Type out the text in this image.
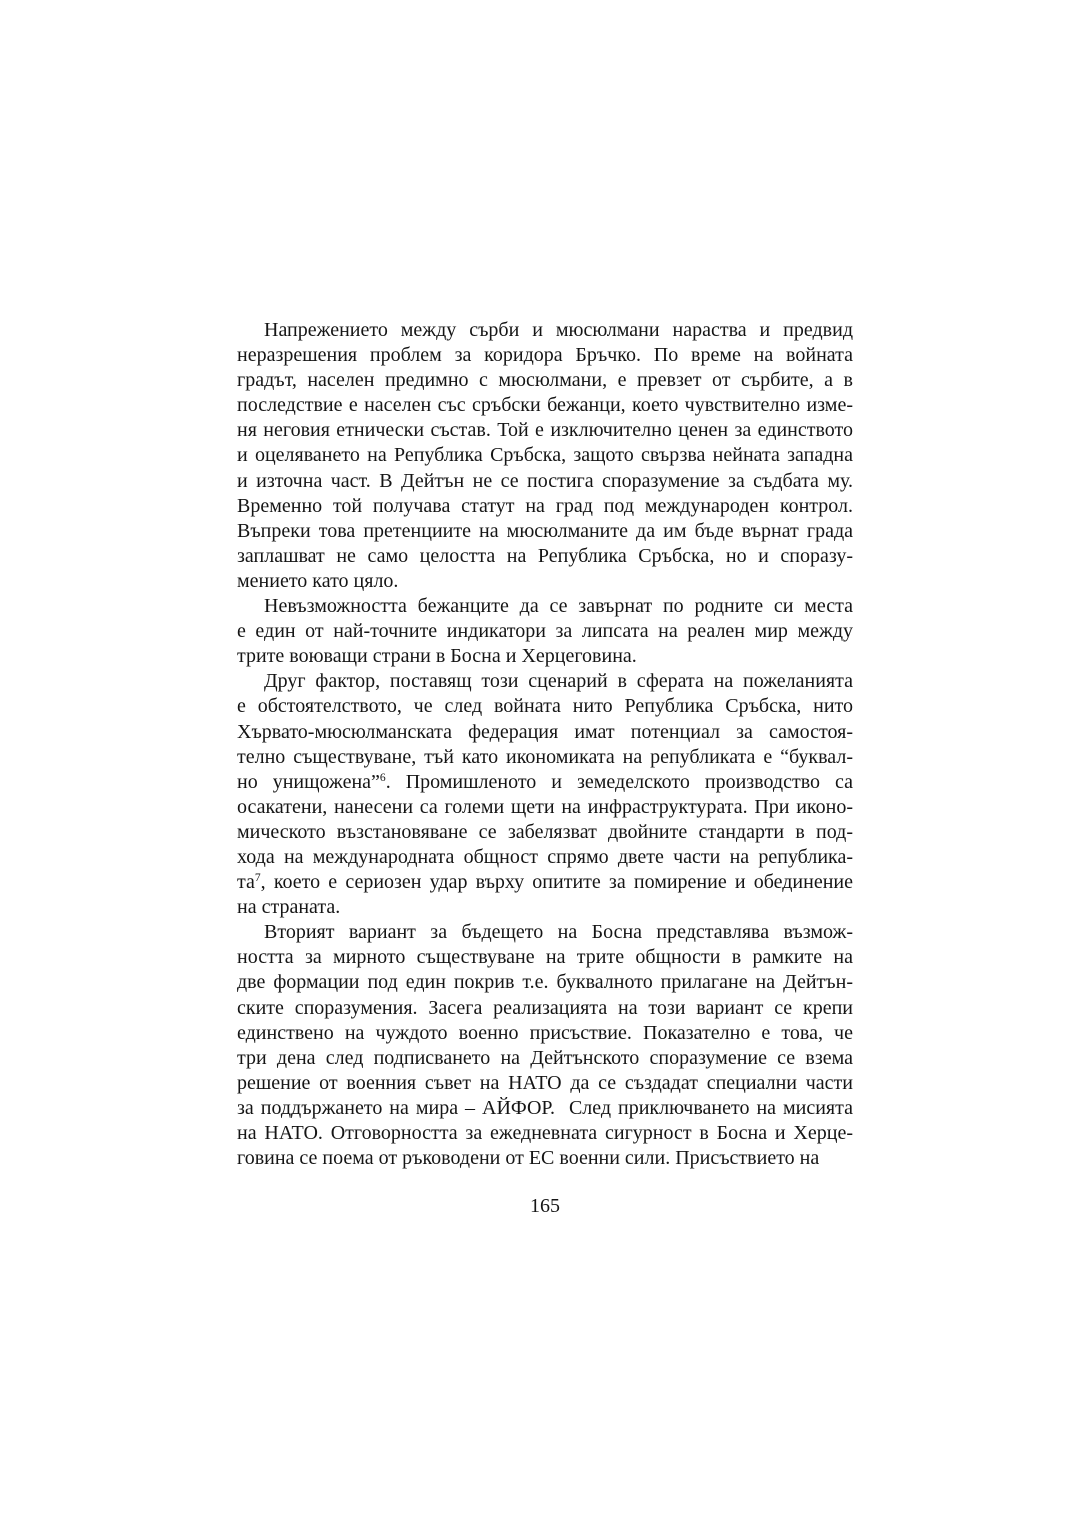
Напрежението между сърби и мюсюлмани нараства и предвид
неразрешения проблем за коридора Бръчко. По време на войната
градът, населен предимно с мюсюлмани, е превзет от сърбите, а в
последствие е населен със сръбски бежанци, което чувствително изме-
ня неговия етнически състав. Той е изключително ценен за единството
и оцеляването на Република Сръбска, защото свързва нейната западна
и източна част. В Дейтън не се постига споразумение за съдбата му.
Временно той получава статут на град под международен контрол.
Въпреки това претенциите на мюсюлманите да им бъде върнат града
заплашват не само целостта на Република Сръбска, но и споразу-
мението като цяло.
Невъзможността бежанците да се завърнат по родните си места
е един от най-точните индикатори за липсата на реален мир между
трите воюващи страни в Босна и Херцеговина.
Друг фактор, поставящ този сценарий в сферата на пожеланията
е обстоятелството, че след войната нито Република Сръбска, нито
Хървато-мюсюлманската федерация имат потенциал за самостоя-
телно съществуване, тъй като икономиката на републиката е “буквал-
но унищожена”$^6$. Промишленото и земеделското производство са
осакатени, нанесени са големи щети на инфраструктурата. При иконо-
мическото възстановяване се забелязват двойните стандарти в под-
хода на международната общност спрямо двете части на република-
$та^7$, което е сериозен удар върху опитите за помирение и обединение
на страната.
Вторият вариант за бъдещето на Босна представлява възмож-
ността за мирното съществуване на трите общности в рамките на
две формации под един покрив т.е. буквалното прилагане на Дейтън-
ските споразумения. Засега реализацията на този вариант се крепи
единствено на чуждото военно присъствие. Показателно е това, че
три дена след подписването на Дейтънското споразумение се взема
решение от военния съвет на НАТО да се създадат специални части
за поддържането на мира – АЙФОР.  След приключването на мисията
на НАТО. Отговорността за ежедневната сигурност в Босна и Херце-
говина се поема от ръководени от ЕС военни сили. Присъствието на
165
